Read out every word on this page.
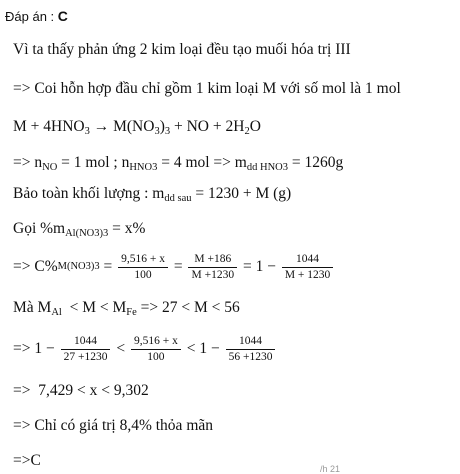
Đáp án : C
Vì ta thấy phản ứng 2 kim loại đều tạo muối hóa trị III
=> Coi hỗn hợp đầu chỉ gồm 1 kim loại M với số mol là 1 mol
$M + 4HNO_3 \to M(NO_3)_3$ + NO + $2H_2O$
=> $n_{NO} = 1$ mol ; $n_{HNO3} = 4$ mol => $m_{dd HNO3} = 1260g$
Bảo toàn khối lượng : $m_{dd sau} = 1230 + M$ (g)
Gọi $\%m_{Al(NO3)3} = x\%$
=> C% $M(NO3)3 = \frac{9,516 + x}{100} = \frac{M +186}{M +1230} = 1 - \frac{1044}{M + 1230}$
Mà $M_{Al} < M < M_{Fe} => 27 < M < 56$
=> $1 - \frac{1044}{27 +1230} < \frac{9,516 + x}{100} < 1 - \frac{1044}{56 +1230}$
=>  7,429 < x < 9,302
=> Chỉ có giá trị 8,4% thỏa mãn
=>C	/h 21
